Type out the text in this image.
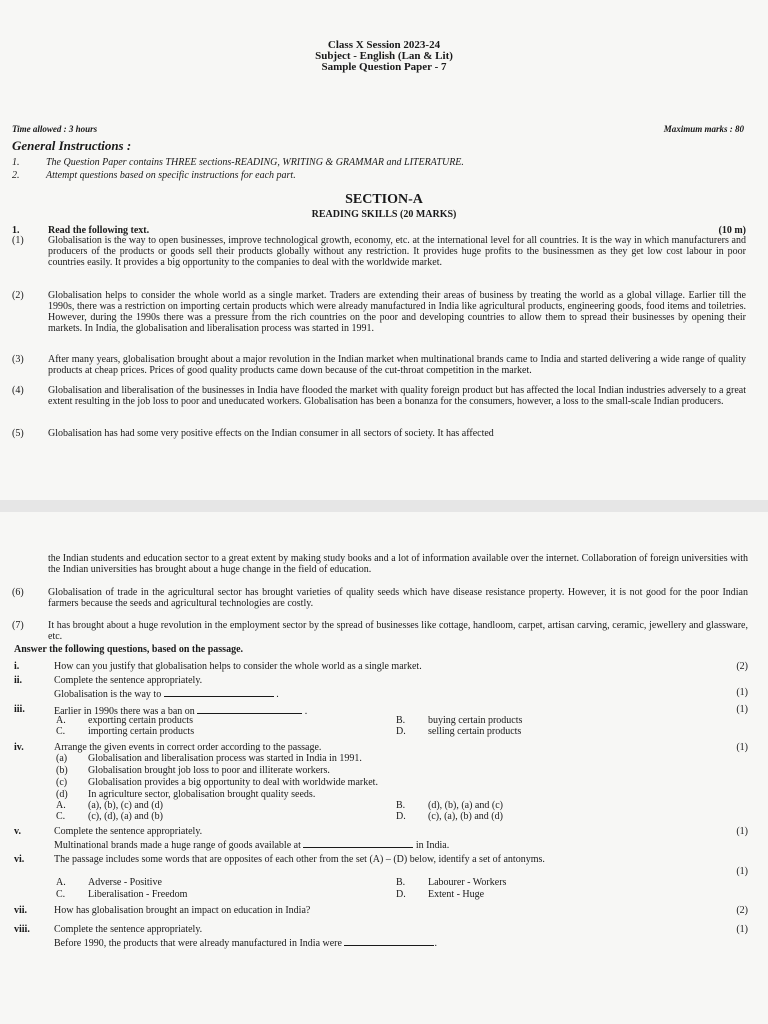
Class X Session 2023-24
Subject - English (Lan & Lit)
Sample Question Paper - 7
Time allowed : 3 hours	Maximum marks : 80
General Instructions :
1.	The Question Paper contains THREE sections-READING, WRITING & GRAMMAR and LITERATURE.
2.	Attempt questions based on specific instructions for each part.
SECTION-A
READING SKILLS (20 MARKS)
1.	Read the following text.	(10 m)
(1)	Globalisation is the way to open businesses, improve technological growth, economy, etc. at the international level for all countries. It is the way in which manufacturers and producers of the products or goods sell their products globally without any restriction. It provides huge profits to the businessmen as they get low cost labour in poor countries easily. It provides a big opportunity to the companies to deal with the worldwide market.
(2)	Globalisation helps to consider the whole world as a single market. Traders are extending their areas of business by treating the world as a global village. Earlier till the 1990s, there was a restriction on importing certain products which were already manufactured in India like agricultural products, engineering goods, food items and toiletries. However, during the 1990s there was a pressure from the rich countries on the poor and developing countries to allow them to spread their businesses by opening their markets. In India, the globalisation and liberalisation process was started in 1991.
(3)	After many years, globalisation brought about a major revolution in the Indian market when multinational brands came to India and started delivering a wide range of quality products at cheap prices. Prices of good quality products came down because of the cut-throat competition in the market.
(4)	Globalisation and liberalisation of the businesses in India have flooded the market with quality foreign product but has affected the local Indian industries adversely to a great extent resulting in the job loss to poor and uneducated workers. Globalisation has been a bonanza for the consumers, however, a loss to the small-scale Indian producers.
(5)	Globalisation has had some very positive effects on the Indian consumer in all sectors of society. It has affected
the Indian students and education sector to a great extent by making study books and a lot of information available over the internet. Collaboration of foreign universities with the Indian universities has brought about a huge change in the field of education.
(6)	Globalisation of trade in the agricultural sector has brought varieties of quality seeds which have disease resistance property. However, it is not good for the poor Indian farmers because the seeds and agricultural technologies are costly.
(7)	It has brought about a huge revolution in the employment sector by the spread of businesses like cottage, handloom, carpet, artisan carving, ceramic, jewellery and glassware, etc.
Answer the following questions, based on the passage.
i.	How can you justify that globalisation helps to consider the whole world as a single market.	(2)
ii.	Complete the sentence appropriately.
Globalisation is the way to	.	(1)
iii.	Earlier in 1990s there was a ban on	.	(1)
A.	exporting certain products	B.	buying certain products
C.	importing certain products	D.	selling certain products
iv.	Arrange the given events in correct order according to the passage.	(1)
(a)	Globalisation and liberalisation process was started in India in 1991.
(b)	Globalisation brought job loss to poor and illiterate workers.
(c)	Globalisation provides a big opportunity to deal with worldwide market.
(d)	In agriculture sector, globalisation brought quality seeds.
A.	(a), (b), (c) and (d)	B.	(d), (b), (a) and (c)
C.	(c), (d), (a) and (b)	D.	(c), (a), (b) and (d)
v.	Complete the sentence appropriately.	(1)
Multinational brands made a huge range of goods available at	in India.
vi.	The passage includes some words that are opposites of each other from the set (A) – (D) below, identify a set of antonyms.
(1)
A.	Adverse - Positive	B.	Labourer - Workers
C.	Liberalisation - Freedom	D.	Extent - Huge
vii.	How has globalisation brought an impact on education in India?	(2)
viii.	Complete the sentence appropriately.	(1)
Before 1990, the products that were already manufactured in India were	.
